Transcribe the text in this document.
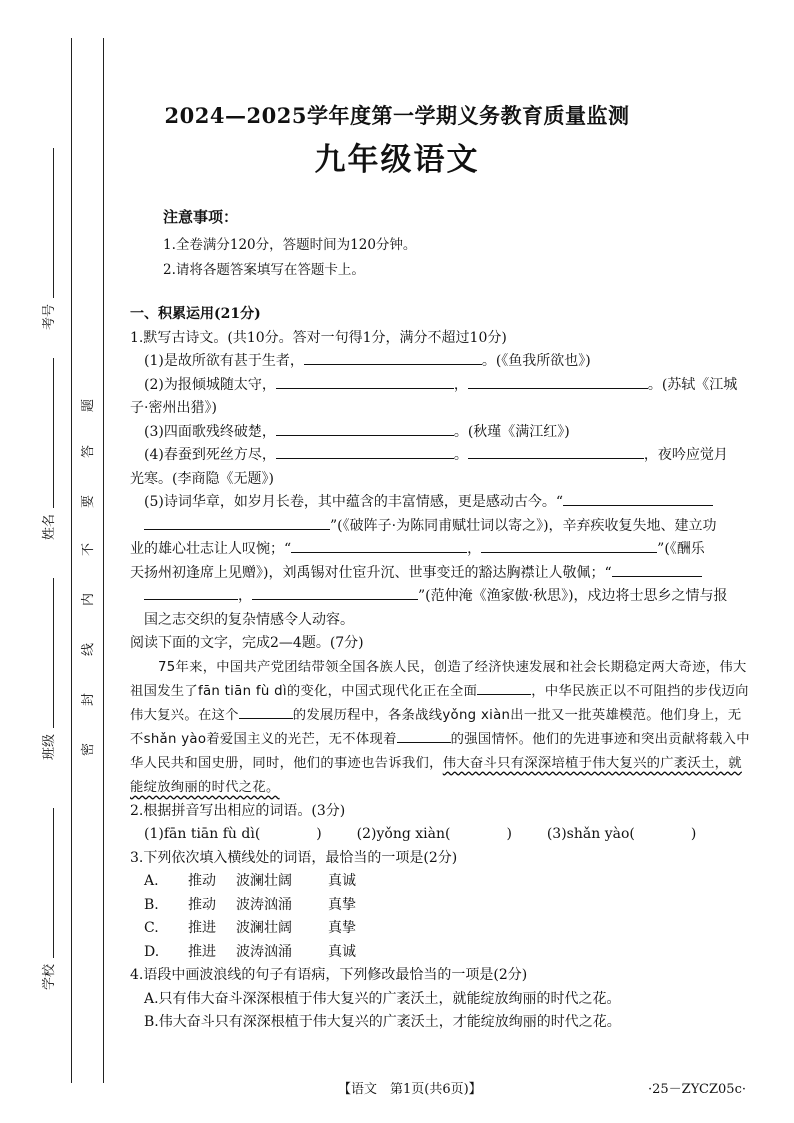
考号
姓名
班级
学校
题
答
要
不
内
线
封
密
2024—2025学年度第一学期义务教育质量监测
九年级语文
注意事项：
1.全卷满分120分，答题时间为120分钟。
2.请将各题答案填写在答题卡上。

一、积累运用(21分)

1.默写古诗文。(共10分。答对一句得1分，满分不超过10分)

(1)是故所欲有甚于生者，	。(《鱼我所欲也》)

(2)为报倾城随太守，	，	。(苏轼《江城

子·密州出猎》)

(3)四面歌残终破楚，	。(秋瑾《满江红》)

(4)春蚕到死丝方尽，	。	，夜吟应觉月

光寒。(李商隐《无题》)

(5)诗词华章，如岁月长卷，其中蕴含的丰富情感，更是感动古今。“

”(《破阵子·为陈同甫赋壮词以寄之》)，辛弃疾收复失地、建立功

业的雄心壮志让人叹惋；“	，	”(《酬乐

天扬州初逢席上见赠》)，刘禹锡对仕宦升沉、世事变迁的豁达胸襟让人敬佩；“

，	”(范仲淹《渔家傲·秋思》)，戍边将士思乡之情与报

国之志交织的复杂情感令人动容。

阅读下面的文字，完成2—4题。(7分)

75年来，中国共产党团结带领全国各族人民，创造了经济快速发展和社会长期稳定两大奇迹，伟大祖国发生了fān tiān fù dì的变化，中国式现代化正在全面	，中华民族正以不可阻挡的步伐迈向伟大复兴。在这个	的发展历程中，各条战线yǒng xiàn出一批又一批英雄模范。他们身上，无不shǎn yào着爱国主义的光芒，无不体现着	的强国情怀。他们的先进事迹和突出贡献将载入中华人民共和国史册，同时，他们的事迹也告诉我们，伟大奋斗只有深深培植于伟大复兴的广袤沃土，就能绽放绚丽的时代之花。

2.根据拼音写出相应的词语。(3分)

(1)fān tiān fù dì(	) (2)yǒng xiàn(	) (3)shǎn yào(	)

3.下列依次填入横线处的词语，最恰当的一项是(2分)

A. 推动 波澜壮阔	真诚

B. 推动 波涛汹涌	真挚

C. 推进 波澜壮阔	真挚

D. 推进 波涛汹涌	真诚

4.语段中画波浪线的句子有语病，下列修改最恰当的一项是(2分)

A.只有伟大奋斗深深根植于伟大复兴的广袤沃土，就能绽放绚丽的时代之花。

B.伟大奋斗只有深深根植于伟大复兴的广袤沃土，才能绽放绚丽的时代之花。

【语文　第1页(共6页)】	·25－ZYCZ05c·
